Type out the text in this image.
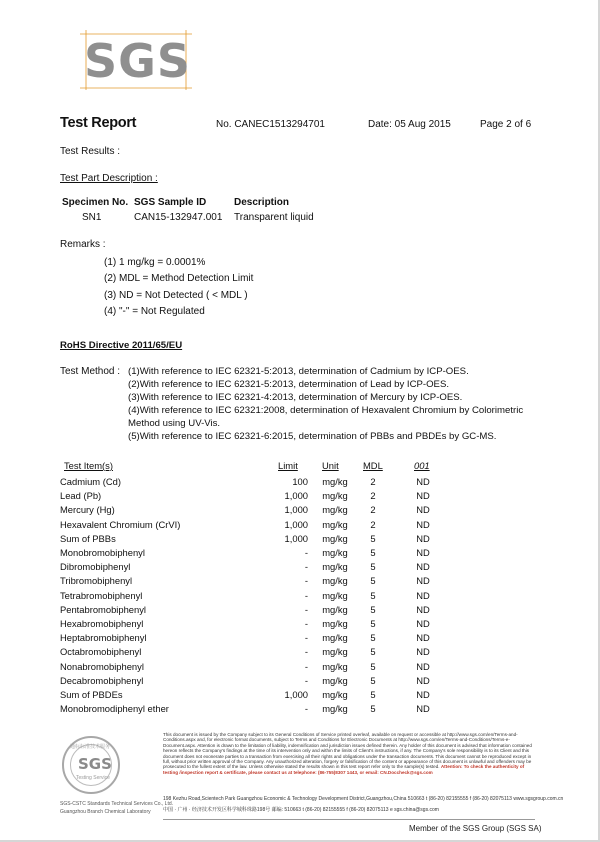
SGS
Test Report	No. CANEC1513294701	Date: 05 Aug 2015	Page 2 of 6
Test Results :
Test Part Description :
Specimen No. SGS Sample ID	Description
SN1	CAN15-132947.001 Transparent liquid
Remarks :
(1) 1 mg/kg = 0.0001%
(2) MDL = Method Detection Limit
(3) ND = Not Detected ( < MDL )
(4) "-" = Not Regulated
RoHS Directive 2011/65/EU
Test Method : (1)With reference to IEC 62321-5:2013, determination of Cadmium by ICP-OES.
(2)With reference to IEC 62321-5:2013, determination of Lead by ICP-OES.
(3)With reference to IEC 62321-4:2013, determination of Mercury by ICP-OES.
(4)With reference to IEC 62321:2008, determination of Hexavalent Chromium by Colorimetric
Method using UV-Vis.
(5)With reference to IEC 62321-6:2015, determination of PBBs and PBDEs by GC-MS.
Test Item(s)	Limit	Unit	MDL	001
Cadmium (Cd)	100	mg/kg	2	ND
Lead (Pb)	1,000	mg/kg	2	ND
Mercury (Hg)	1,000	mg/kg	2	ND
Hexavalent Chromium (CrVI)	1,000	mg/kg	2	ND
Sum of PBBs	1,000	mg/kg	5	ND
Monobromobiphenyl	-	mg/kg	5	ND
Dibromobiphenyl	-	mg/kg	5	ND
Tribromobiphenyl	-	mg/kg	5	ND
Tetrabromobiphenyl	-	mg/kg	5	ND
Pentabromobiphenyl	-	mg/kg	5	ND
Hexabromobiphenyl	-	mg/kg	5	ND
Heptabromobiphenyl	-	mg/kg	5	ND
Octabromobiphenyl	-	mg/kg	5	ND
Nonabromobiphenyl	-	mg/kg	5	ND
Decabromobiphenyl	-	mg/kg	5	ND
Sum of PBDEs	1,000	mg/kg	5	ND
Monobromodiphenyl ether	-	mg/kg	5	ND
通标标准技术服务
SGS
Testing Service
SGS-CSTC Standards Technical Services Co., Ltd.
Guangzhou Branch Chemical Laboratory
This document is issued by the Company subject to its General Conditions of Service printed overleaf, available on request or accessible at http://www.sgs.com/en/Terms-and-Conditions.aspx and, for electronic format documents, subject to Terms and Conditions for Electronic Documents at http://www.sgs.com/en/Terms-and-Conditions/Terms-e-Document.aspx. Attention is drawn to the limitation of liability, indemnification and jurisdiction issues defined therein. Any holder of this document is advised that information contained hereon reflects the Company's findings at the time of its intervention only and within the limits of Client's instructions, if any. The Company's sole responsibility is to its Client and this document does not exonerate parties to a transaction from exercising all their rights and obligations under the transaction documents. This document cannot be reproduced except in full, without prior written approval of the Company. Any unauthorized alteration, forgery or falsification of the content or appearance of this document is unlawful and offenders may be prosecuted to the fullest extent of the law. Unless otherwise stated the results shown in this test report refer only to the sample(s) tested. Attention: To check the authenticity of testing /inspection report & certificate, please contact us at telephone: (86-755)8307 1443, or email: CN.Doccheck@sgs.com
198 Kezhu Road,Scientech Park Guangzhou Economic & Technology Development District,Guangzhou,China 510663 t (86-20) 82155555 f (86-20) 82075113 www.sgsgroup.com.cn
中国 · 广州 · 经济技术开发区科学城科珠路198号 邮编: 510663 t (86-20) 82155555 f (86-20) 82075113 e sgs.china@sgs.com
Member of the SGS Group (SGS SA)
